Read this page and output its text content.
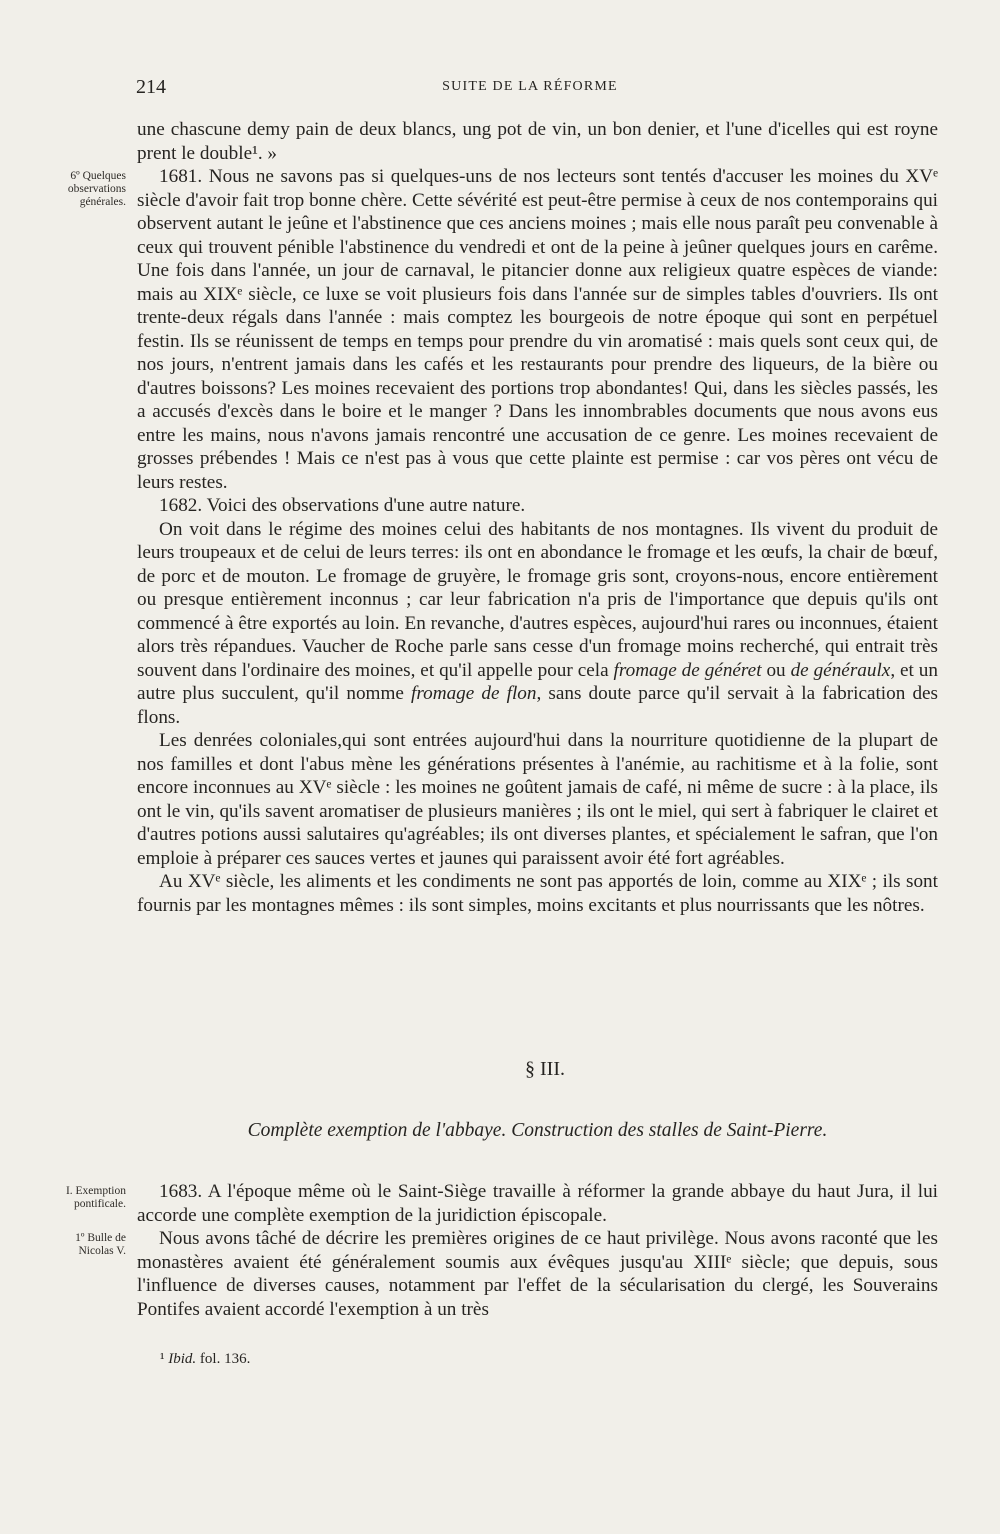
214	SUITE DE LA RÉFORME
6º Quelques observations générales.

une chascune demy pain de deux blancs, ung pot de vin, un bon denier, et l'une d'icelles qui est royne prent le double¹. »

1681. Nous ne savons pas si quelques-uns de nos lecteurs sont tentés d'accuser les moines du XVᵉ siècle d'avoir fait trop bonne chère. Cette sévérité est peut-être permise à ceux de nos contemporains qui observent autant le jeûne et l'abstinence que ces anciens moines ; mais elle nous paraît peu convenable à ceux qui trouvent pénible l'abstinence du vendredi et ont de la peine à jeûner quelques jours en carême. Une fois dans l'année, un jour de carnaval, le pitancier donne aux religieux quatre espèces de viande: mais au XIXᵉ siècle, ce luxe se voit plusieurs fois dans l'année sur de simples tables d'ouvriers. Ils ont trente-deux régals dans l'année : mais comptez les bourgeois de notre époque qui sont en perpétuel festin. Ils se réunissent de temps en temps pour prendre du vin aromatisé : mais quels sont ceux qui, de nos jours, n'entrent jamais dans les cafés et les restaurants pour prendre des liqueurs, de la bière ou d'autres boissons? Les moines recevaient des portions trop abondantes! Qui, dans les siècles passés, les a accusés d'excès dans le boire et le manger ? Dans les innombrables documents que nous avons eus entre les mains, nous n'avons jamais rencontré une accusation de ce genre. Les moines recevaient de grosses prébendes ! Mais ce n'est pas à vous que cette plainte est permise : car vos pères ont vécu de leurs restes.

1682. Voici des observations d'une autre nature.

On voit dans le régime des moines celui des habitants de nos montagnes. Ils vivent du produit de leurs troupeaux et de celui de leurs terres: ils ont en abondance le fromage et les œufs, la chair de bœuf, de porc et de mouton. Le fromage de gruyère, le fromage gris sont, croyons-nous, encore entièrement ou presque entièrement inconnus ; car leur fabrication n'a pris de l'importance que depuis qu'ils ont commencé à être exportés au loin. En revanche, d'autres espèces, aujourd'hui rares ou inconnues, étaient alors très répandues. Vaucher de Roche parle sans cesse d'un fromage moins recherché, qui entrait très souvent dans l'ordinaire des moines, et qu'il appelle pour cela fromage de généret ou de généraulx, et un autre plus succulent, qu'il nomme fromage de flon, sans doute parce qu'il servait à la fabrication des flons.

Les denrées coloniales,qui sont entrées aujourd'hui dans la nourriture quotidienne de la plupart de nos familles et dont l'abus mène les générations présentes à l'anémie, au rachitisme et à la folie, sont encore inconnues au XVᵉ siècle : les moines ne goûtent jamais de café, ni même de sucre : à la place, ils ont le vin, qu'ils savent aromatiser de plusieurs manières ; ils ont le miel, qui sert à fabriquer le clairet et d'autres potions aussi salutaires qu'agréables; ils ont diverses plantes, et spécialement le safran, que l'on emploie à préparer ces sauces vertes et jaunes qui paraissent avoir été fort agréables.

Au XVᵉ siècle, les aliments et les condiments ne sont pas apportés de loin, comme au XIXᵉ ; ils sont fournis par les montagnes mêmes : ils sont simples, moins excitants et plus nourrissants que les nôtres.

§ III.
Complète exemption de l'abbaye. Construction des stalles de Saint-Pierre.
I. Exemption pontificale.
1º Bulle de Nicolas V.

1683. A l'époque même où le Saint-Siège travaille à réformer la grande abbaye du haut Jura, il lui accorde une complète exemption de la juridiction épiscopale.

Nous avons tâché de décrire les premières origines de ce haut privilège. Nous avons raconté que les monastères avaient été généralement soumis aux évêques jusqu'au XIIIᵉ siècle; que depuis, sous l'influence de diverses causes, notamment par l'effet de la sécularisation du clergé, les Souverains Pontifes avaient accordé l'exemption à un très

¹ Ibid. fol. 136.
